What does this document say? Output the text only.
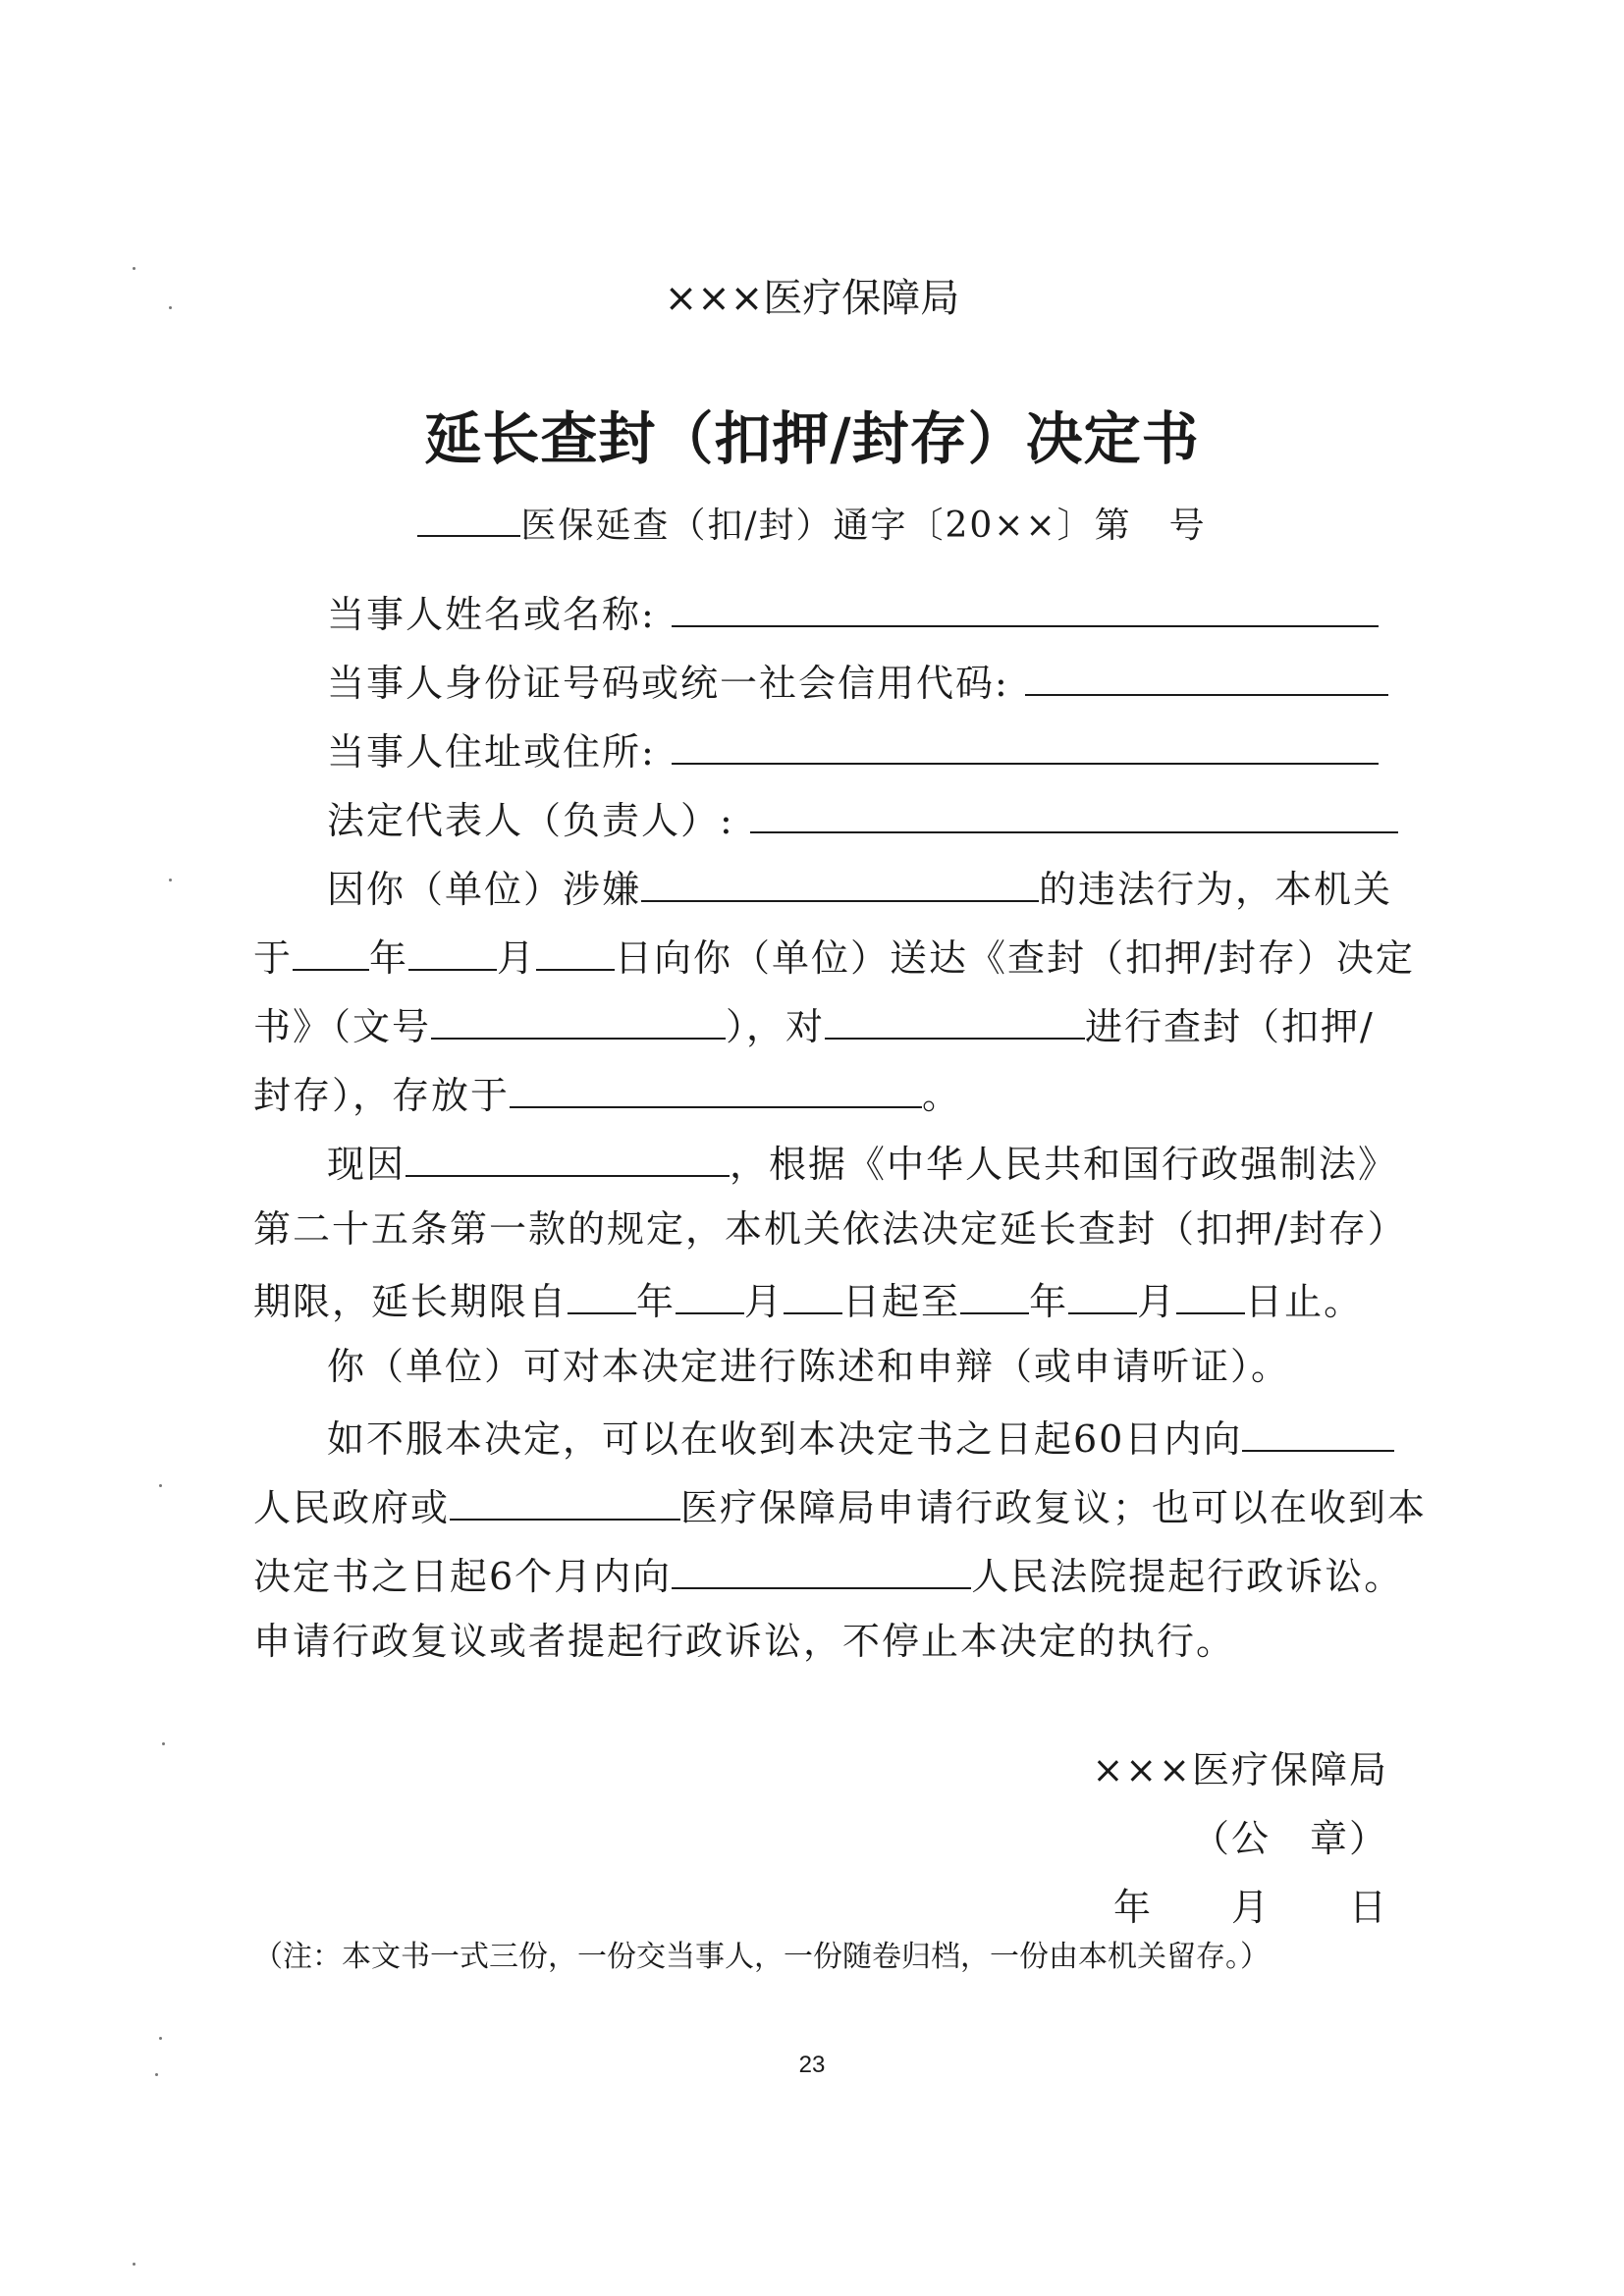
×××医疗保障局
延长查封（扣押/封存）决定书
医保延查（扣/封）通字〔20××〕第　号
当事人姓名或名称:
当事人身份证号码或统一社会信用代码:
当事人住址或住所:
法定代表人（负责人）:
因你（单位）涉嫌	的违法行为，本机关
于 年 月 日向你（单位）送达《查封（扣押/封存）决定
书》（文号	），对	进行查封（扣押/
封存），存放于	。
现因	，根据《中华人民共和国行政强制法》
第二十五条第一款的规定，本机关依法决定延长查封（扣押/封存）
期限，延长期限自 年 月 日起至 年 月 日止。
你（单位）可对本决定进行陈述和申辩（或申请听证）。
如不服本决定，可以在收到本决定书之日起60日内向
人民政府或	医疗保障局申请行政复议；也可以在收到本
决定书之日起6个月内向	人民法院提起行政诉讼。
申请行政复议或者提起行政诉讼，不停止本决定的执行。
×××医疗保障局
（公　章）
年　　月　　日
（注：本文书一式三份，一份交当事人，一份随卷归档，一份由本机关留存。）
23
